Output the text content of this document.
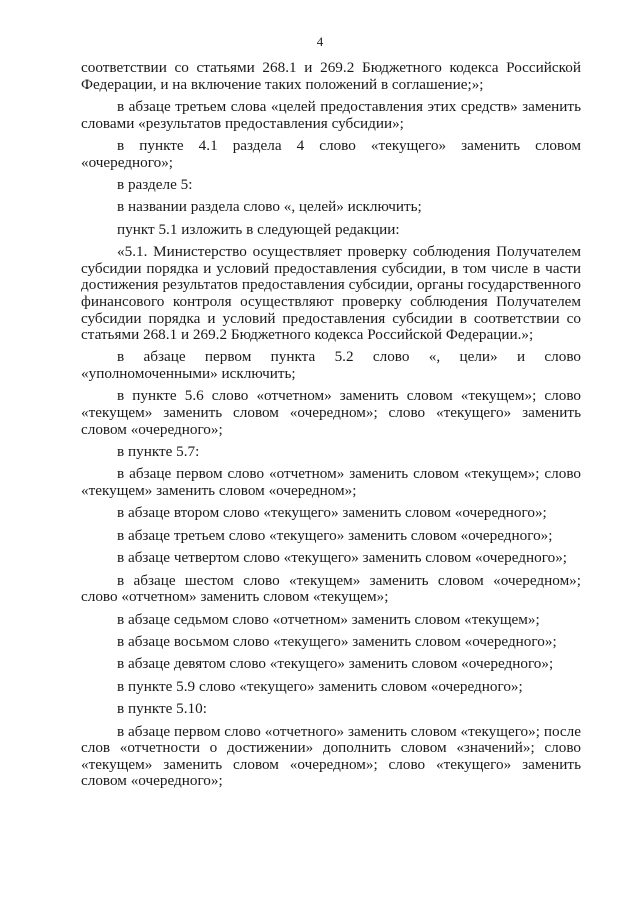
4

соответствии со статьями 268.1 и 269.2 Бюджетного кодекса Российской Федерации, и на включение таких положений в соглашение;»;

в абзаце третьем слова «целей предоставления этих средств» заменить словами «результатов предоставления субсидии»;

в пункте 4.1 раздела 4 слово «текущего» заменить словом «очередного»;

в разделе 5:

в названии раздела слово «, целей» исключить;

пункт 5.1 изложить в следующей редакции:

«5.1. Министерство осуществляет проверку соблюдения Получателем субсидии порядка и условий предоставления субсидии, в том числе в части достижения результатов предоставления субсидии, органы государственного финансового контроля осуществляют проверку соблюдения Получателем субсидии порядка и условий предоставления субсидии в соответствии со статьями 268.1 и 269.2 Бюджетного кодекса Российской Федерации.»;

в абзаце первом пункта 5.2 слово «, цели» и слово «уполномоченными» исключить;

в пункте 5.6 слово «отчетном» заменить словом «текущем»; слово «текущем» заменить словом «очередном»; слово «текущего» заменить словом «очередного»;

в пункте 5.7:

в абзаце первом слово «отчетном» заменить словом «текущем»; слово «текущем» заменить словом «очередном»;

в абзаце втором слово «текущего» заменить словом «очередного»;

в абзаце третьем слово «текущего» заменить словом «очередного»;

в абзаце четвертом слово «текущего» заменить словом «очередного»;

в абзаце шестом слово «текущем» заменить словом «очередном»; слово «отчетном» заменить словом «текущем»;

в абзаце седьмом слово «отчетном» заменить словом «текущем»;

в абзаце восьмом слово «текущего» заменить словом «очередного»;

в абзаце девятом слово «текущего» заменить словом «очередного»;

в пункте 5.9 слово «текущего» заменить словом «очередного»;

в пункте 5.10:

в абзаце первом слово «отчетного» заменить словом «текущего»; после слов «отчетности о достижении» дополнить словом «значений»; слово «текущем» заменить словом «очередном»; слово «текущего» заменить словом «очередного»;
